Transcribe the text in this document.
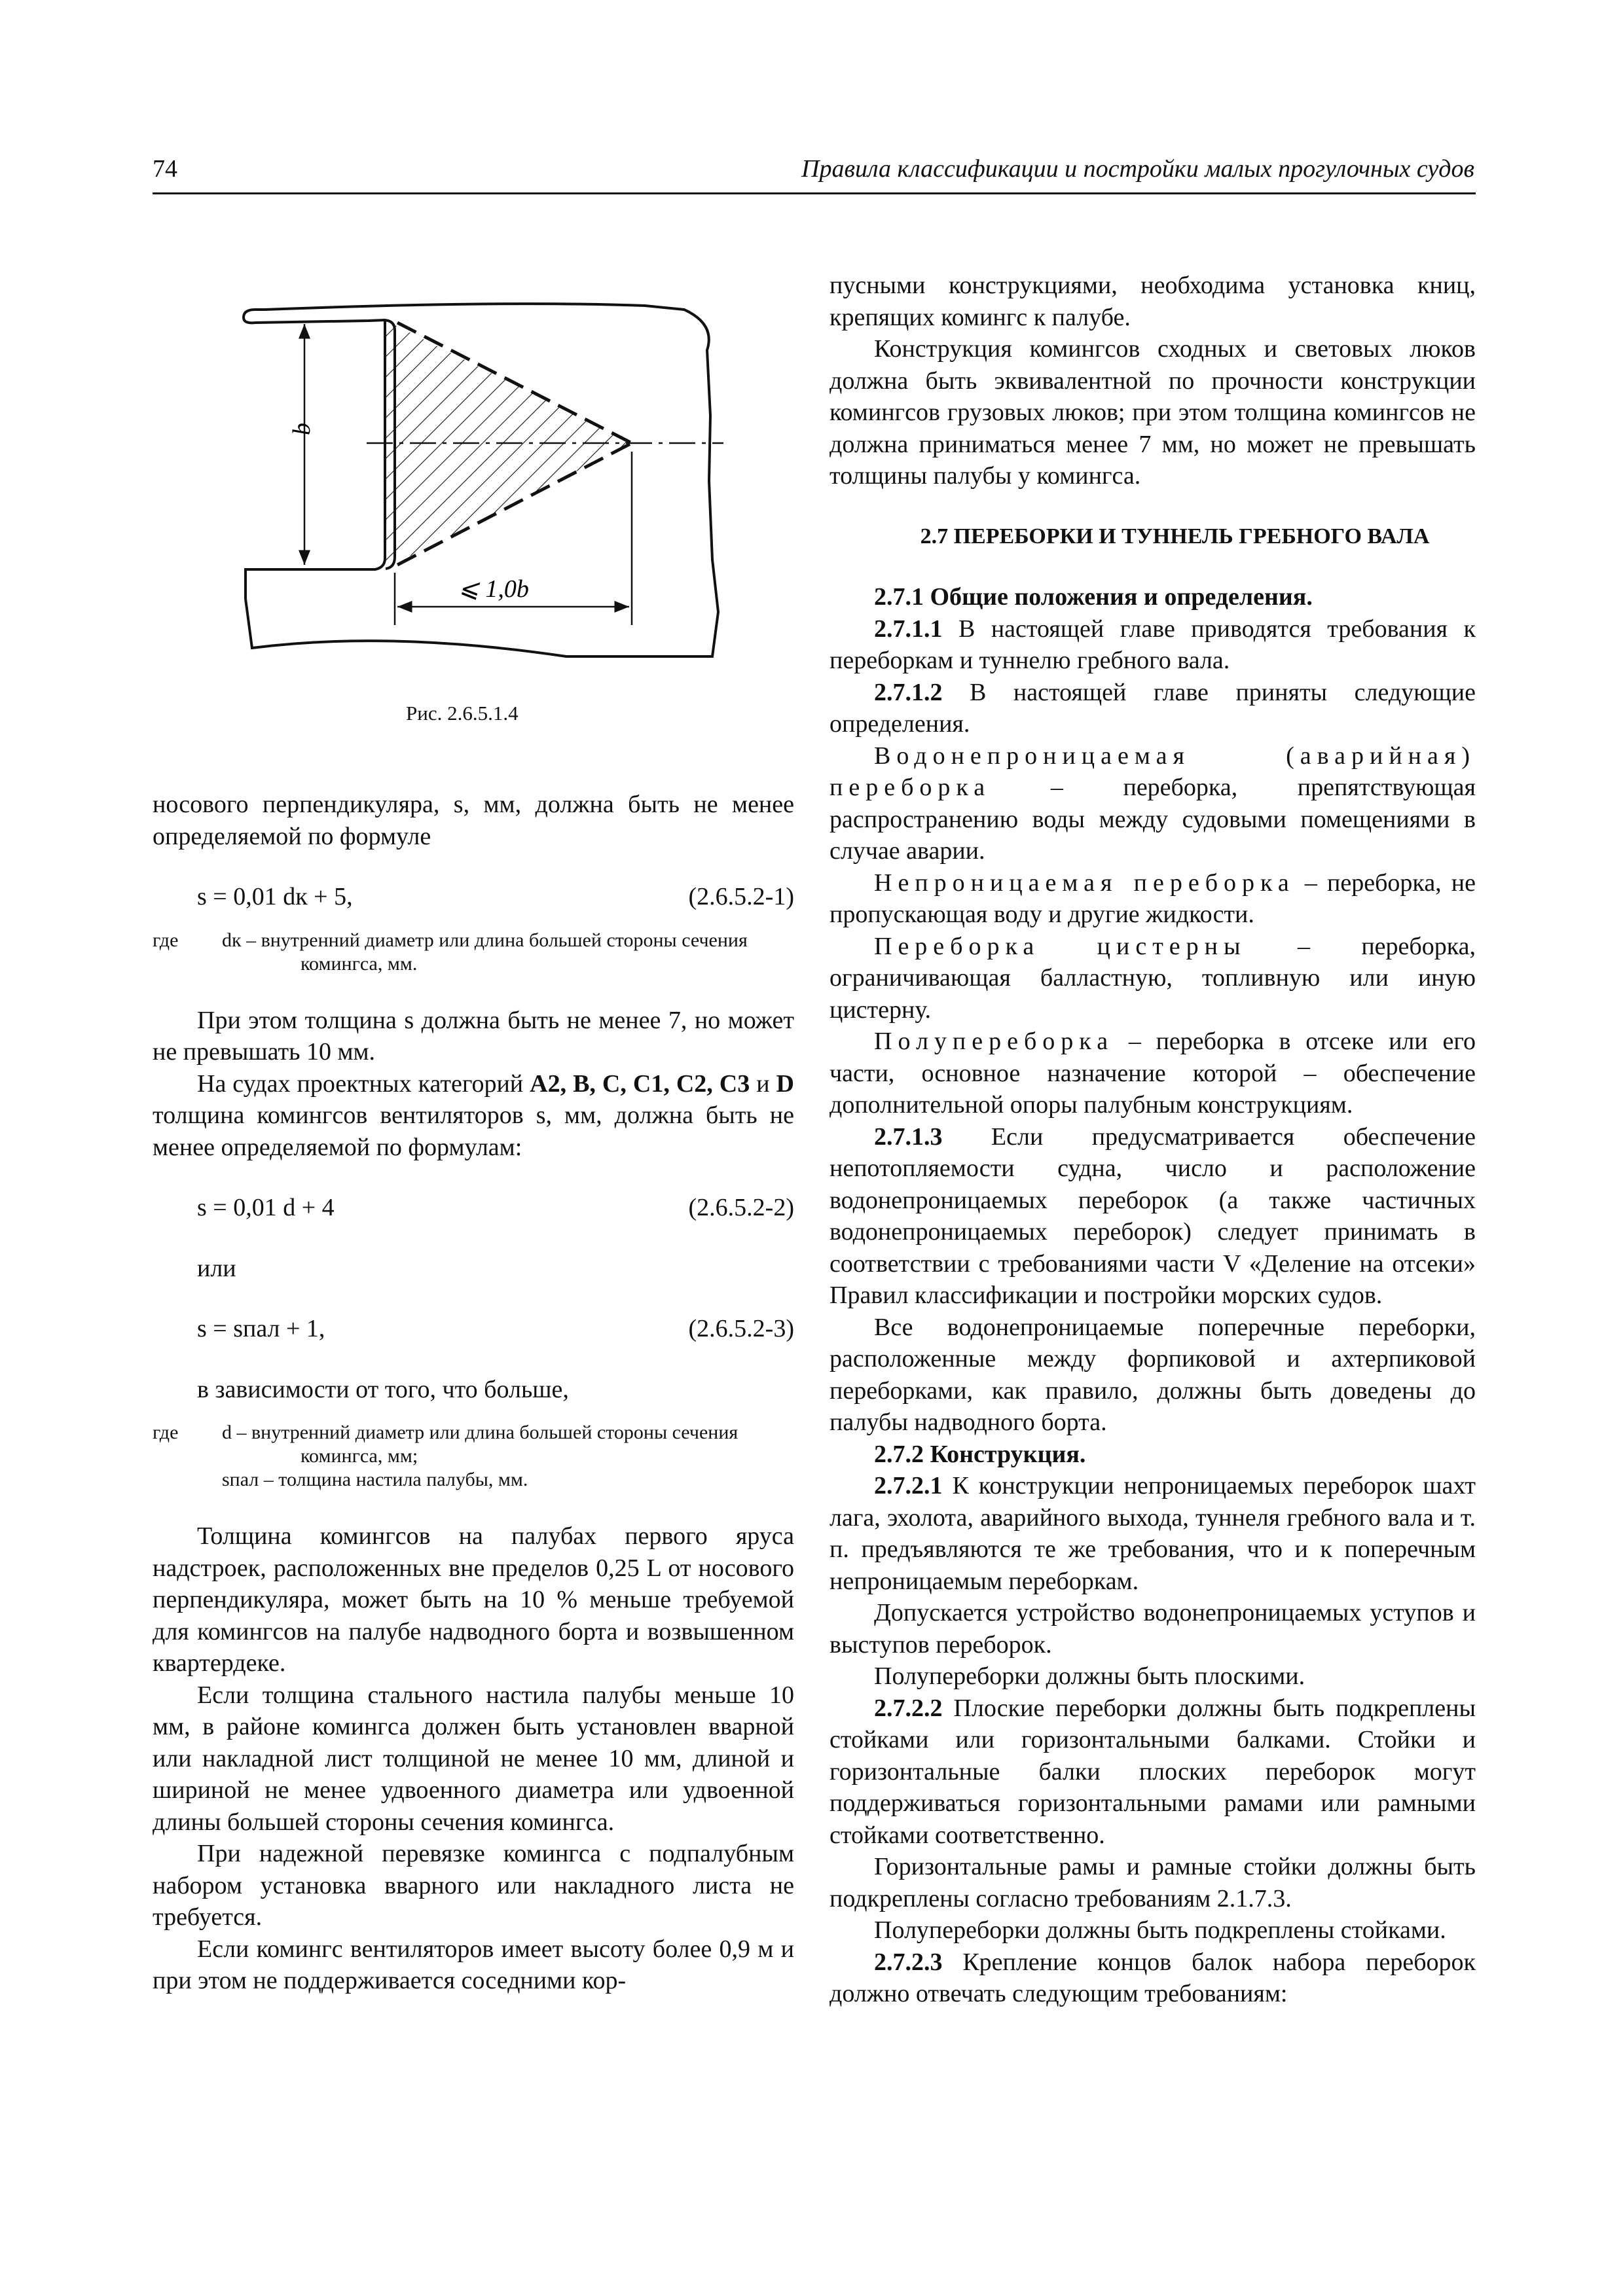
74	Правила классификации и постройки малых прогулочных судов
b
⩽ 1,0b
Рис. 2.6.5.1.4

носового перпендикуляра, s, мм, должна быть не менее определяемой по формуле

s = 0,01 dк + 5,	(2.6.5.2-1)

где dк – внутренний диаметр или длина большей стороны сечения комингса, мм.

При этом толщина s должна быть не менее 7, но может не превышать 10 мм.

На судах проектных категорий A2, B, C, C1, C2, C3 и D толщина комингсов вентиляторов s, мм, должна быть не менее определяемой по формулам:

s = 0,01 d + 4	(2.6.5.2-2)

или

s = sпал + 1,	(2.6.5.2-3)

в зависимости от того, что больше,

где d – внутренний диаметр или длина большей стороны сечения комингса, мм;
sпал – толщина настила палубы, мм.

Толщина комингсов на палубах первого яруса надстроек, расположенных вне пределов 0,25 L от носового перпендикуляра, может быть на 10 % меньше требуемой для комингсов на палубе надводного борта и возвышенном квартердеке.

Если толщина стального настила палубы меньше 10 мм, в районе комингса должен быть установлен вварной или накладной лист толщиной не менее 10 мм, длиной и шириной не менее удвоенного диаметра или удвоенной длины большей стороны сечения комингса.

При надежной перевязке комингса с подпалубным набором установка вварного или накладного листа не требуется.

Если комингс вентиляторов имеет высоту более 0,9 м и при этом не поддерживается соседними кор-

пусными конструкциями, необходима установка книц, крепящих комингс к палубе.

Конструкция комингсов сходных и световых люков должна быть эквивалентной по прочности конструкции комингсов грузовых люков; при этом толщина комингсов не должна приниматься менее 7 мм, но может не превышать толщины палубы у комингса.

2.7 ПЕРЕБОРКИ И ТУННЕЛЬ ГРЕБНОГО ВАЛА

2.7.1 Общие положения и определения.

2.7.1.1 В настоящей главе приводятся требования к переборкам и туннелю гребного вала.

2.7.1.2 В настоящей главе приняты следующие определения.

Водонепроницаемая (аварийная) переборка – переборка, препятствующая распространению воды между судовыми помещениями в случае аварии.

Непроницаемая переборка – переборка, не пропускающая воду и другие жидкости.

Переборка цистерны – переборка, ограничивающая балластную, топливную или иную цистерну.

Полупереборка – переборка в отсеке или его части, основное назначение которой – обеспечение дополнительной опоры палубным конструкциям.

2.7.1.3 Если предусматривается обеспечение непотопляемости судна, число и расположение водонепроницаемых переборок (а также частичных водонепроницаемых переборок) следует принимать в соответствии с требованиями части V «Деление на отсеки» Правил классификации и постройки морских судов.

Все водонепроницаемые поперечные переборки, расположенные между форпиковой и ахтерпиковой переборками, как правило, должны быть доведены до палубы надводного борта.

2.7.2 Конструкция.

2.7.2.1 К конструкции непроницаемых переборок шахт лага, эхолота, аварийного выхода, туннеля гребного вала и т. п. предъявляются те же требования, что и к поперечным непроницаемым переборкам.

Допускается устройство водонепроницаемых уступов и выступов переборок.

Полупереборки должны быть плоскими.

2.7.2.2 Плоские переборки должны быть подкреплены стойками или горизонтальными балками. Стойки и горизонтальные балки плоских переборок могут поддерживаться горизонтальными рамами или рамными стойками соответственно.

Горизонтальные рамы и рамные стойки должны быть подкреплены согласно требованиям 2.1.7.3.

Полупереборки должны быть подкреплены стойками.

2.7.2.3 Крепление концов балок набора переборок должно отвечать следующим требованиям:
